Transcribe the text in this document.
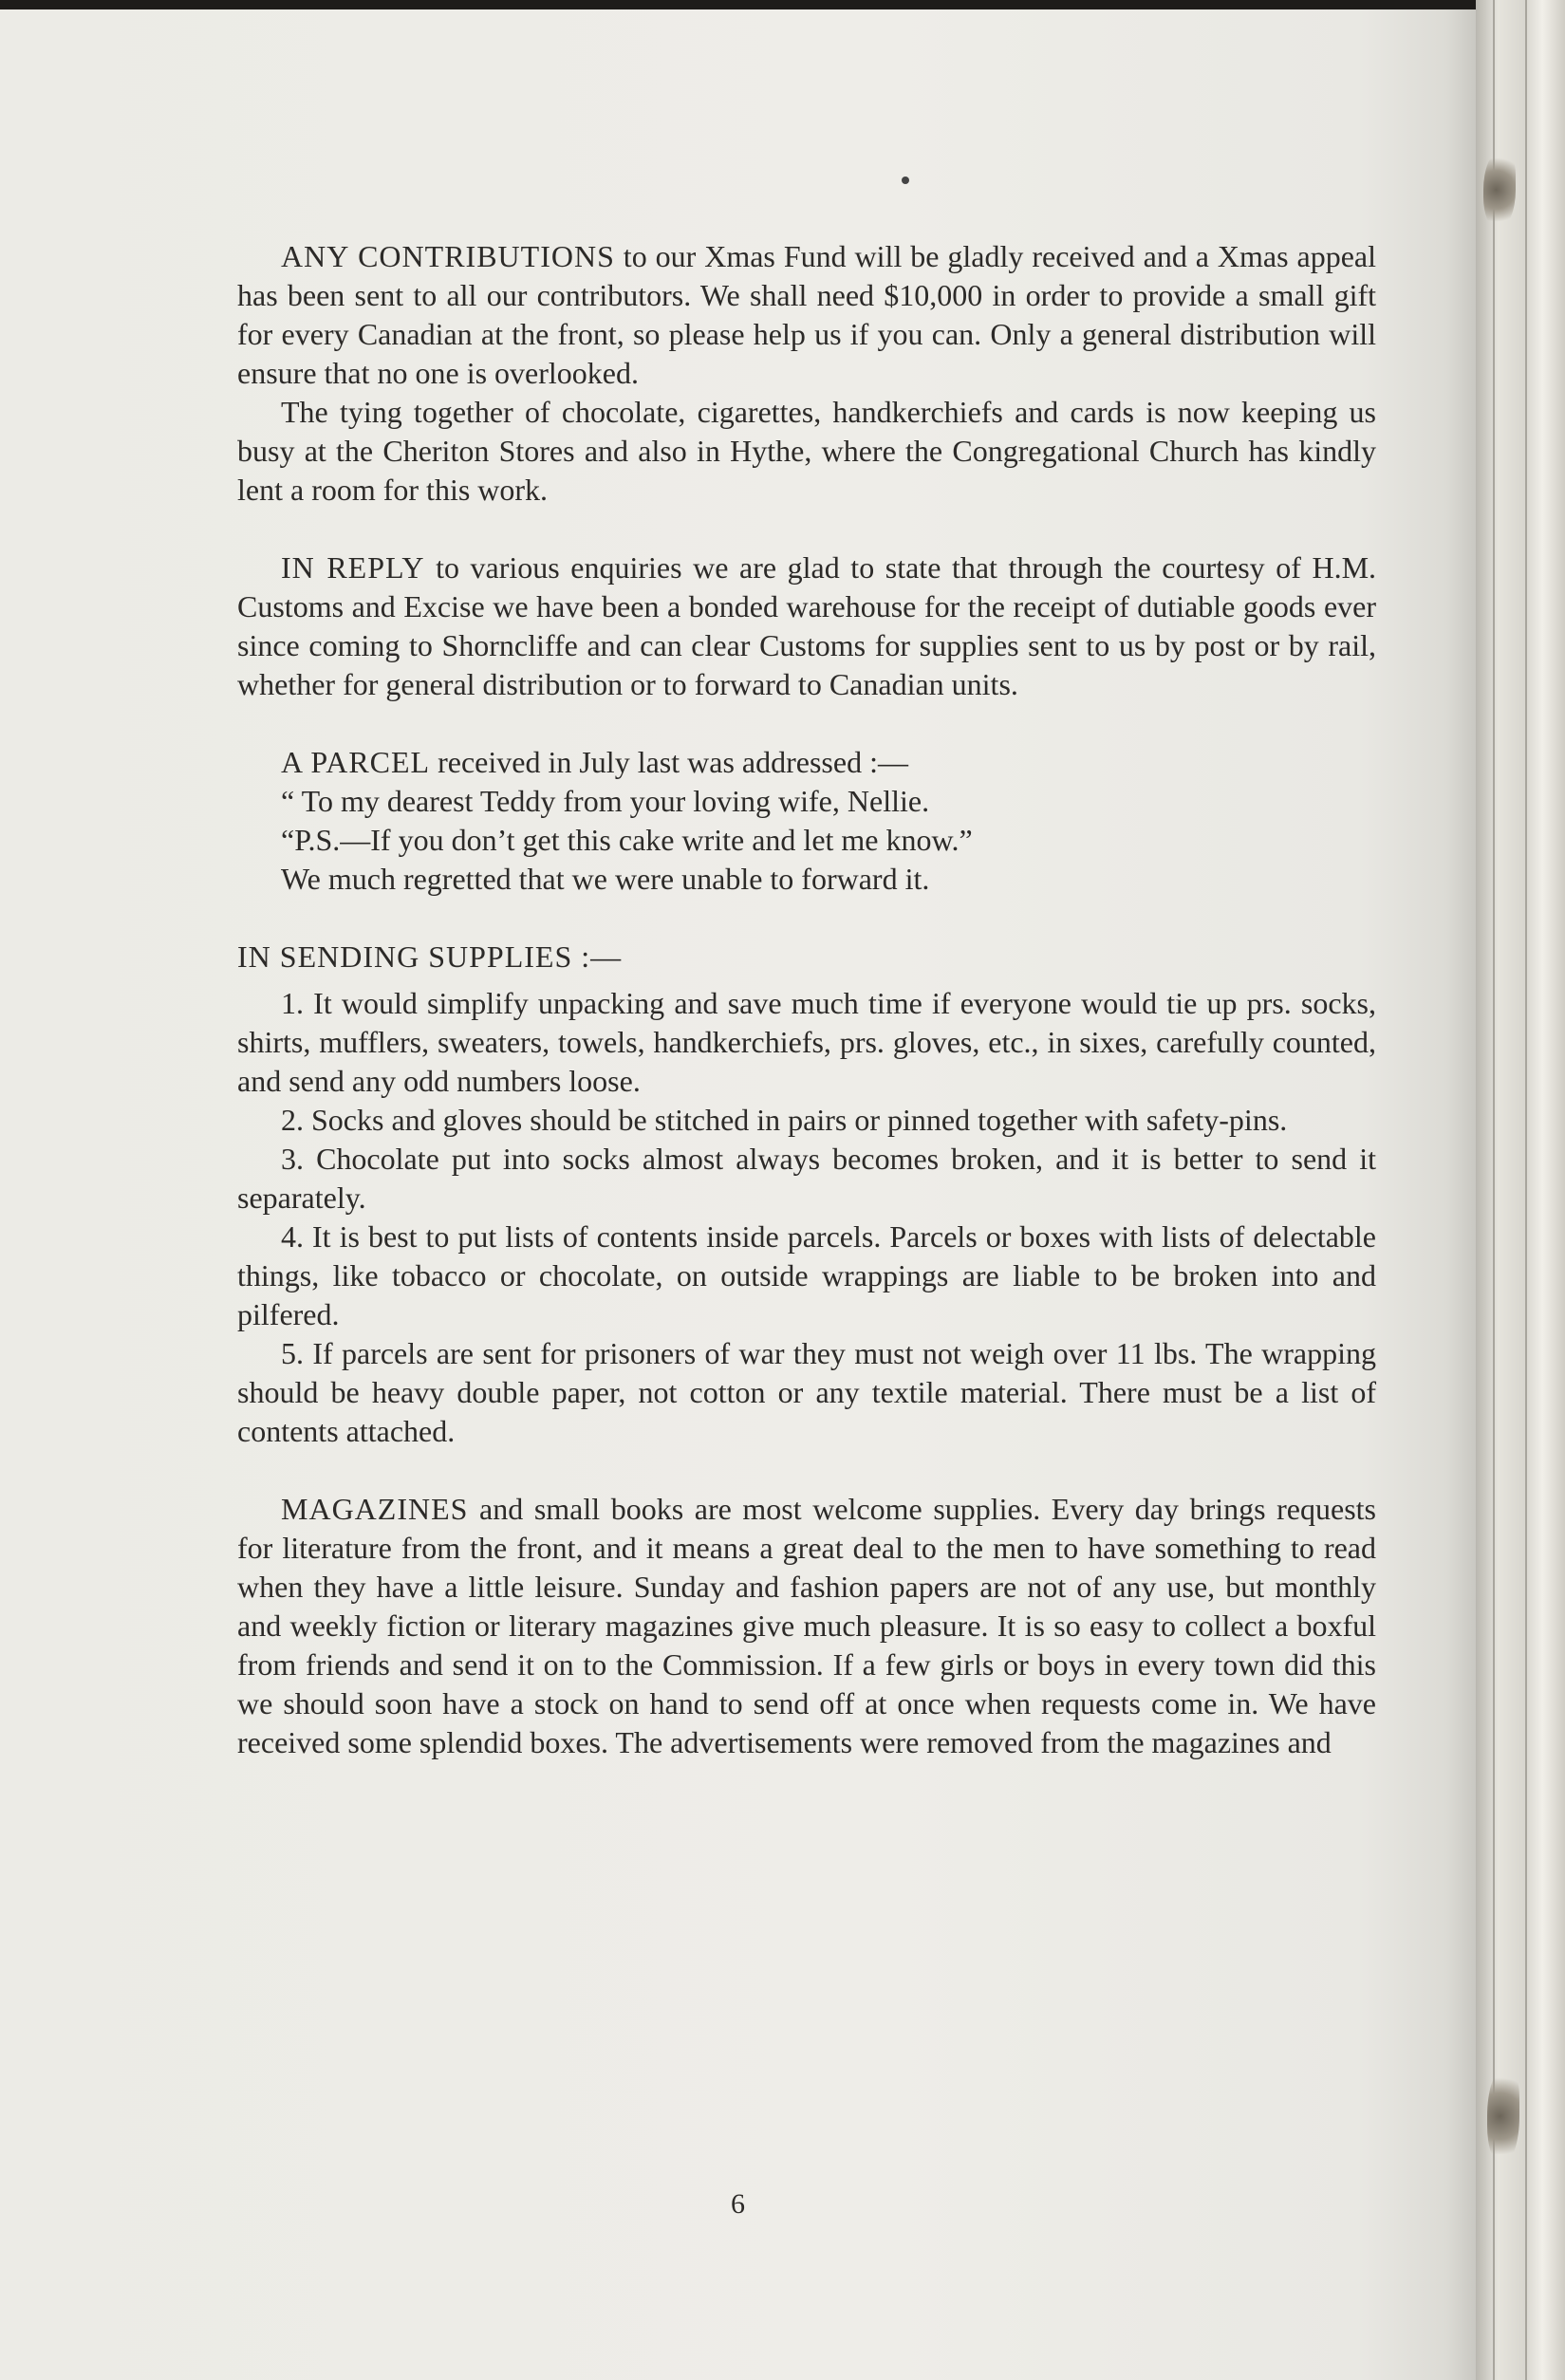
ANY CONTRIBUTIONS to our Xmas Fund will be gladly received and a Xmas appeal has been sent to all our contributors. We shall need $10,000 in order to provide a small gift for every Canadian at the front, so please help us if you can. Only a general distribution will ensure that no one is overlooked.

The tying together of chocolate, cigarettes, handkerchiefs and cards is now keeping us busy at the Cheriton Stores and also in Hythe, where the Congregational Church has kindly lent a room for this work.

IN REPLY to various enquiries we are glad to state that through the courtesy of H.M. Customs and Excise we have been a bonded warehouse for the receipt of dutiable goods ever since coming to Shorncliffe and can clear Customs for supplies sent to us by post or by rail, whether for general distribution or to forward to Canadian units.

A PARCEL received in July last was addressed :—

“ To my dearest Teddy from your loving wife, Nellie.

“P.S.—If you don’t get this cake write and let me know.”

We much regretted that we were unable to forward it.

IN SENDING SUPPLIES :—

1. It would simplify unpacking and save much time if everyone would tie up prs. socks, shirts, mufflers, sweaters, towels, handkerchiefs, prs. gloves, etc., in sixes, carefully counted, and send any odd numbers loose.

2. Socks and gloves should be stitched in pairs or pinned together with safety-pins.

3. Chocolate put into socks almost always becomes broken, and it is better to send it separately.

4. It is best to put lists of contents inside parcels. Parcels or boxes with lists of delectable things, like tobacco or chocolate, on outside wrappings are liable to be broken into and pilfered.

5. If parcels are sent for prisoners of war they must not weigh over 11 lbs. The wrapping should be heavy double paper, not cotton or any textile material. There must be a list of contents attached.

MAGAZINES and small books are most welcome supplies. Every day brings requests for literature from the front, and it means a great deal to the men to have something to read when they have a little leisure. Sunday and fashion papers are not of any use, but monthly and weekly fiction or literary magazines give much pleasure. It is so easy to collect a boxful from friends and send it on to the Commission. If a few girls or boys in every town did this we should soon have a stock on hand to send off at once when requests come in. We have received some splendid boxes. The advertisements were removed from the magazines and

6
